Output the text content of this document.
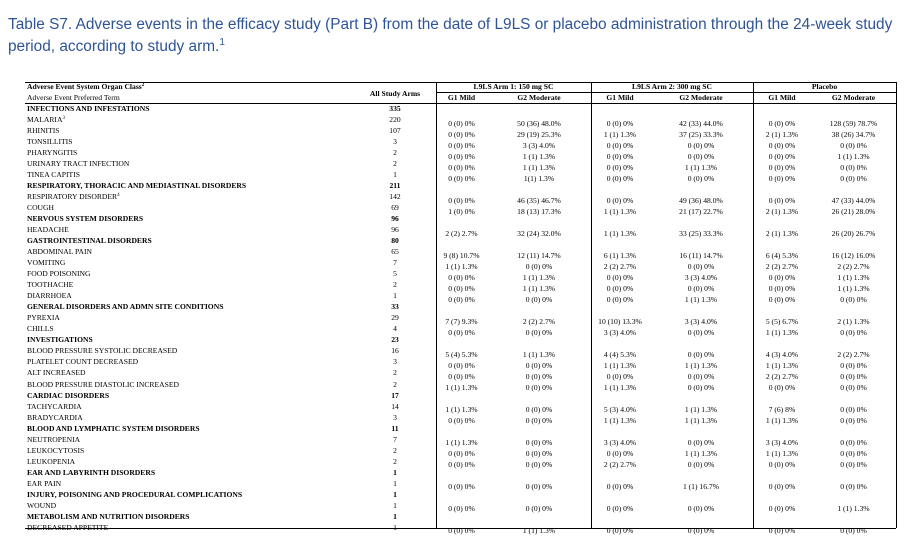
Table S7. Adverse events in the efficacy study (Part B) from the date of L9LS or placebo administration through the 24-week study period, according to study arm.$^1$
Adverse Event System Organ Class$^2$
Adverse Event Preferred Term	All Study Arms
L9LS Arm 1: 150 mg SC	L9LS Arm 2: 300 mg SC	Placebo
G1 Mild	G2 Moderate	G1 Mild	G2 Moderate	G1 Mild	G2 Moderate
INFECTIONS AND INFESTATIONS	335
MALARIA$^3$	220	0 (0) 0%	50 (36) 48.0%	0 (0) 0%	42 (33) 44.0%	0 (0) 0%	128 (59) 78.7%
RHINITIS	107	0 (0) 0%	29 (19) 25.3%	1 (1) 1.3%	37 (25) 33.3%	2 (1) 1.3%	38 (26) 34.7%
TONSILLITIS	3	0 (0) 0%	3 (3) 4.0%	0 (0) 0%	0 (0) 0%	0 (0) 0%	0 (0) 0%
PHARYNGITIS	2	0 (0) 0%	1 (1) 1.3%	0 (0) 0%	0 (0) 0%	0 (0) 0%	1 (1) 1.3%
URINARY TRACT INFECTION	2	0 (0) 0%	1 (1) 1.3%	0 (0) 0%	1 (1) 1.3%	0 (0) 0%	0 (0) 0%
TINEA CAPITIS	1	0 (0) 0%	1(1) 1.3%	0 (0) 0%	0 (0) 0%	0 (0) 0%	0 (0) 0%
RESPIRATORY, THORACIC AND MEDIASTINAL DISORDERS	211
RESPIRATORY DISORDER$^4$	142	0 (0) 0%	46 (35) 46.7%	0 (0) 0%	49 (36) 48.0%	0 (0) 0%	47 (33) 44.0%
COUGH	69	1 (0) 0%	18 (13) 17.3%	1 (1) 1.3%	21 (17) 22.7%	2 (1) 1.3%	26 (21) 28.0%
NERVOUS SYSTEM DISORDERS	96
HEADACHE	96	2 (2) 2.7%	32 (24) 32.0%	1 (1) 1.3%	33 (25) 33.3%	2 (1) 1.3%	26 (20) 26.7%
GASTROINTESTINAL DISORDERS	80
ABDOMINAL PAIN	65	9 (8) 10.7%	12 (11) 14.7%	6 (1) 1.3%	16 (11) 14.7%	6 (4) 5.3%	16 (12) 16.0%
VOMITING	7	1 (1) 1.3%	0 (0) 0%	2 (2) 2.7%	0 (0) 0%	2 (2) 2.7%	2 (2) 2.7%
FOOD POISONING	5	0 (0) 0%	1 (1) 1.3%	0 (0) 0%	3 (3) 4.0%	0 (0) 0%	1 (1) 1.3%
TOOTHACHE	2	0 (0) 0%	1 (1) 1.3%	0 (0) 0%	0 (0) 0%	0 (0) 0%	1 (1) 1.3%
DIARRHOEA	1	0 (0) 0%	0 (0) 0%	0 (0) 0%	1 (1) 1.3%	0 (0) 0%	0 (0) 0%
GENERAL DISORDERS AND ADMN SITE CONDITIONS	33
PYREXIA	29	7 (7) 9.3%	2 (2) 2.7%	10 (10) 13.3%	3 (3) 4.0%	5 (5) 6.7%	2 (1) 1.3%
CHILLS	4	0 (0) 0%	0 (0) 0%	3 (3) 4.0%	0 (0) 0%	1 (1) 1.3%	0 (0) 0%
INVESTIGATIONS	23
BLOOD PRESSURE SYSTOLIC DECREASED	16	5 (4) 5.3%	1 (1) 1.3%	4 (4) 5.3%	0 (0) 0%	4 (3) 4.0%	2 (2) 2.7%
PLATELET COUNT DECREASED	3	0 (0) 0%	0 (0) 0%	1 (1) 1.3%	1 (1) 1.3%	1 (1) 1.3%	0 (0) 0%
ALT INCREASED	2	0 (0) 0%	0 (0) 0%	0 (0) 0%	0 (0) 0%	2 (2) 2.7%	0 (0) 0%
BLOOD PRESSURE DIASTOLIC INCREASED	2	1 (1) 1.3%	0 (0) 0%	1 (1) 1.3%	0 (0) 0%	0 (0) 0%	0 (0) 0%
CARDIAC DISORDERS	17
TACHYCARDIA	14	1 (1) 1.3%	0 (0) 0%	5 (3) 4.0%	1 (1) 1.3%	7 (6) 8%	0 (0) 0%
BRADYCARDIA	3	0 (0) 0%	0 (0) 0%	1 (1) 1.3%	1 (1) 1.3%	1 (1) 1.3%	0 (0) 0%
BLOOD AND LYMPHATIC SYSTEM DISORDERS	11
NEUTROPENIA	7	1 (1) 1.3%	0 (0) 0%	3 (3) 4.0%	0 (0) 0%	3 (3) 4.0%	0 (0) 0%
LEUKOCYTOSIS	2	0 (0) 0%	0 (0) 0%	0 (0) 0%	1 (1) 1.3%	1 (1) 1.3%	0 (0) 0%
LEUKOPENIA	2	0 (0) 0%	0 (0) 0%	2 (2) 2.7%	0 (0) 0%	0 (0) 0%	0 (0) 0%
EAR AND LABYRINTH DISORDERS	1
EAR PAIN	1	0 (0) 0%	0 (0) 0%	0 (0) 0%	1 (1) 16.7%	0 (0) 0%	0 (0) 0%
INJURY, POISONING AND PROCEDURAL COMPLICATIONS	1
WOUND	1	0 (0) 0%	0 (0) 0%	0 (0) 0%	0 (0) 0%	0 (0) 0%	1 (1) 1.3%
METABOLISM AND NUTRITION DISORDERS	1
DECREASED APPETITE	1	0 (0) 0%	1 (1) 1.3%	0 (0) 0%	0 (0) 0%	0 (0) 0%	0 (0) 0%
